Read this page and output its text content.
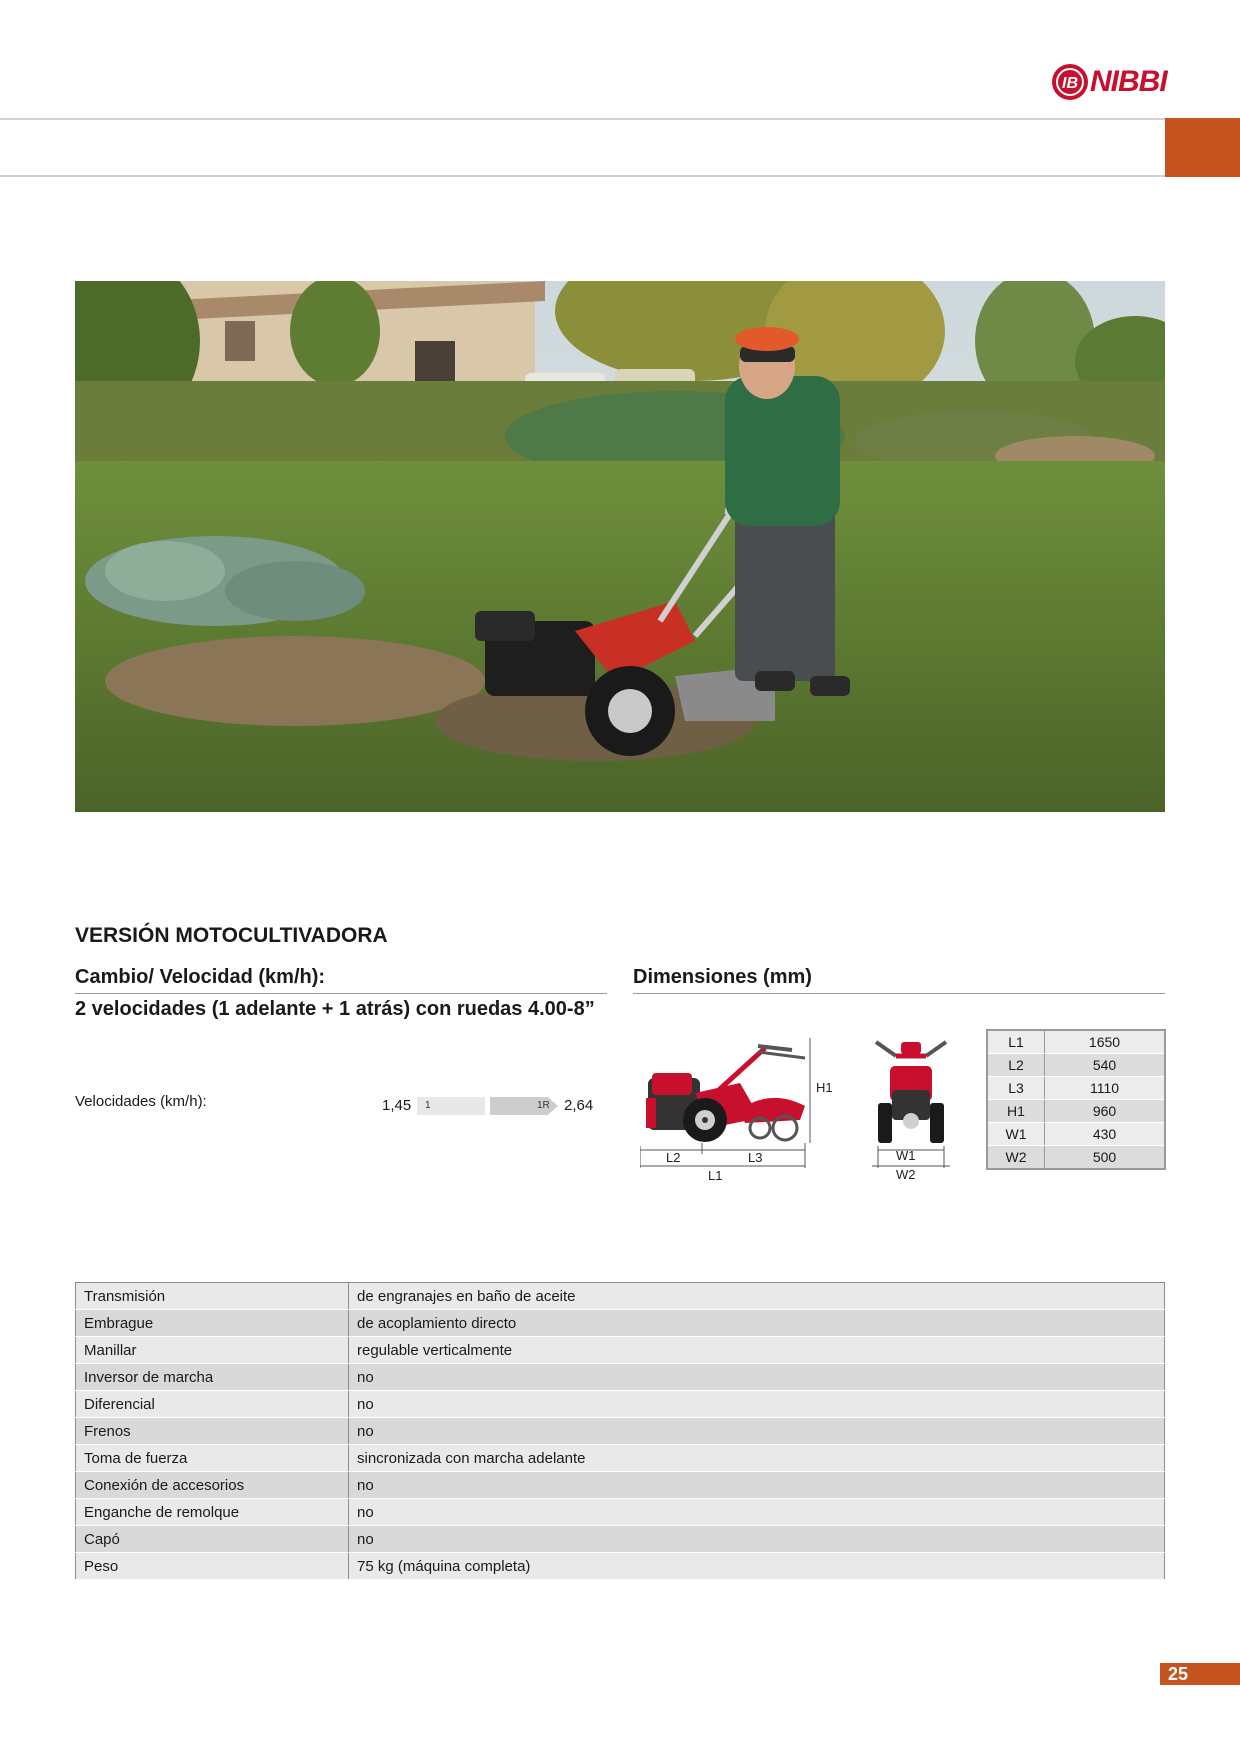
IB NIBBI
VERSIÓN MOTOCULTIVADORA
Cambio/ Velocidad (km/h):
2 velocidades (1 adelante + 1 atrás) con ruedas 4.00-8”
Dimensiones (mm)
Velocidades (km/h):	1,45 1	1R 2,64
H1
L2	L3
L1
W1
W2
L1	1650
L2	540
L3	1110
H1	960
W1	430
W2	500
Transmisión	de engranajes en baño de aceite
Embrague	de acoplamiento directo
Manillar	regulable verticalmente
Inversor de marcha	no
Diferencial	no
Frenos	no
Toma de fuerza	sincronizada con marcha adelante
Conexión de accesorios	no
Enganche de remolque	no
Capó	no
Peso	75 kg (máquina completa)
25
